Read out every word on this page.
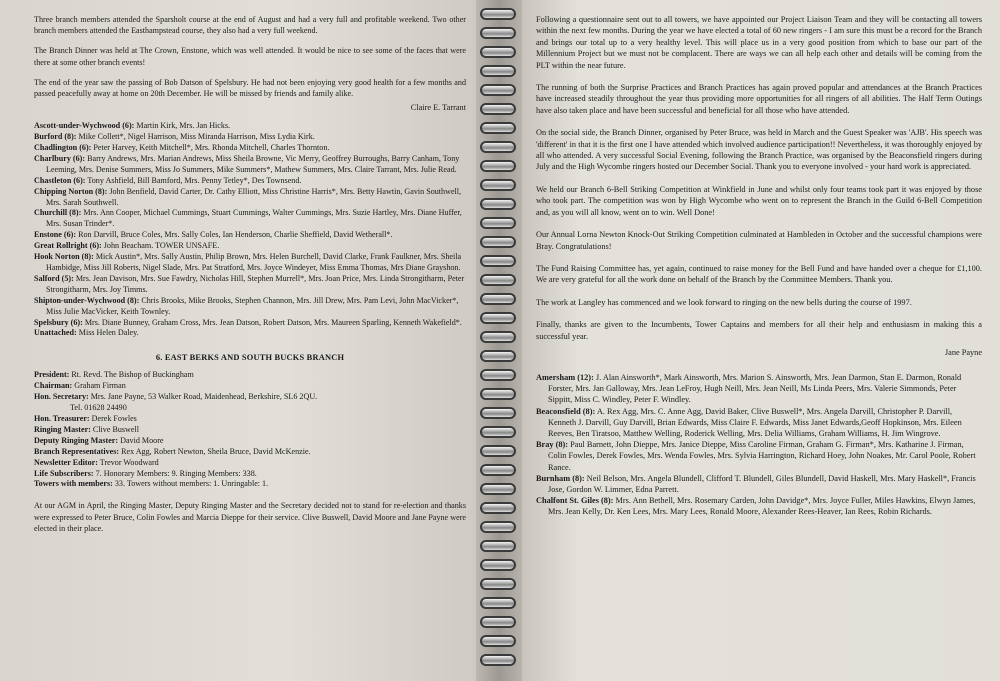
Three branch members attended the Sparsholt course at the end of August and had a very full and profitable weekend. Two other branch members attended the Easthampstead course, they also had a very full weekend.

The Branch Dinner was held at The Crown, Enstone, which was well attended. It would be nice to see some of the faces that were there at some other branch events!

The end of the year saw the passing of Bob Datson of Spelsbury. He had not been enjoying very good health for a few months and passed peacefully away at home on 20th December. He will be missed by friends and family alike.

Claire E. Tarrant
Ascott-under-Wychwood (6): Martin Kirk, Mrs. Jan Hicks.
Burford (8): Mike Collett*, Nigel Harrison, Miss Miranda Harrison, Miss Lydia Kirk.
Chadlington (6): Peter Harvey, Keith Mitchell*, Mrs. Rhonda Mitchell, Charles Thornton.
Charlbury (6): Barry Andrews, Mrs. Marian Andrews, Miss Sheila Browne, Vic Merry, Geoffrey Burroughs, Barry Canham, Tony Leeming, Mrs. Denise Summers, Miss Jo Summers, Mike Summers*, Mathew Summers, Mrs. Claire Tarrant, Mrs. Julie Read.
Chastleton (6): Tony Ashfield, Bill Bamford, Mrs. Penny Tetley*, Des Townsend.
Chipping Norton (8): John Benfield, David Carter, Dr. Cathy Elliott, Miss Christine Harris*, Mrs. Betty Hawtin, Gavin Southwell, Mrs. Sarah Southwell.
Churchill (8): Mrs. Ann Cooper, Michael Cummings, Stuart Cummings, Walter Cummings, Mrs. Suzie Hartley, Mrs. Diane Huffer, Mrs. Susan Trinder*.
Enstone (6): Ron Darvill, Bruce Coles, Mrs. Sally Coles, Ian Henderson, Charlie Sheffield, David Wetherall*.
Great Rollright (6): John Beacham. TOWER UNSAFE.
Hook Norton (8): Mick Austin*, Mrs. Sally Austin, Philip Brown, Mrs. Helen Burchell, David Clarke, Frank Faulkner, Mrs. Sheila Hambidge, Miss Jill Roberts, Nigel Slade, Mrs. Pat Stratford, Mrs. Joyce Windeyer, Miss Emma Thomas, Mrs Diane Grayshon.
Salford (5): Mrs. Jean Davison, Mrs. Sue Fawdry, Nicholas Hill, Stephen Murrell*, Mrs. Joan Price, Mrs. Linda Strongitharm, Peter Strongitharm, Mrs. Joy Timms.
Shipton-under-Wychwood (8): Chris Brooks, Mike Brooks, Stephen Channon, Mrs. Jill Drew, Mrs. Pam Levi, John MacVicker*, Miss Julie MacVicker, Keith Townley.
Spelsbury (6): Mrs. Diane Bunney, Graham Cross, Mrs. Jean Datson, Robert Datson, Mrs. Maureen Sparling, Kenneth Wakefield*.
Unattached: Miss Helen Daley.
6. EAST BERKS AND SOUTH BUCKS BRANCH
President: Rt. Revd. The Bishop of Buckingham
Chairman: Graham Firman
Hon. Secretary: Mrs. Jane Payne, 53 Walker Road, Maidenhead, Berkshire, SL6 2QU.
Tel. 01628 24490
Hon. Treasurer: Derek Fowles
Ringing Master: Clive Buswell
Deputy Ringing Master: David Moore
Branch Representatives: Rex Agg, Robert Newton, Sheila Bruce, David McKenzie.
Newsletter Editor: Trevor Woodward
Life Subscribers: 7. Honorary Members: 9. Ringing Members: 338.
Towers with members: 33. Towers without members: 1. Unringable: 1.

At our AGM in April, the Ringing Master, Deputy Ringing Master and the Secretary decided not to stand for re-election and thanks were expressed to Peter Bruce, Colin Fowles and Marcia Dieppe for their service. Clive Buswell, David Moore and Jane Payne were elected in their place.

Following a questionnaire sent out to all towers, we have appointed our Project Liaison Team and they will be contacting all towers within the next few months. During the year we have elected a total of 60 new ringers - I am sure this must be a record for the Branch and brings our total up to a very healthy level. This will place us in a very good position from which to base our part of the Millennium Project but we must not be complacent. There are ways we can all help each other and details will be coming from the PLT within the near future.

The running of both the Surprise Practices and Branch Practices has again proved popular and attendances at the Branch Practices have increased steadily throughout the year thus providing more opportunities for all ringers of all abilities. The Half Term Outings have also taken place and have been successful and beneficial for all those who have attended.

On the social side, the Branch Dinner, organised by Peter Bruce, was held in March and the Guest Speaker was 'AJB'. His speech was 'different' in that it is the first one I have attended which involved audience participation!! Nevertheless, it was thoroughly enjoyed by all who attended. A very successful Social Evening, following the Branch Practice, was organised by the Beaconsfield ringers during July and the High Wycombe ringers hosted our December Social. Thank you to everyone involved - your hard work is appreciated.

We held our Branch 6-Bell Striking Competition at Winkfield in June and whilst only four teams took part it was enjoyed by those who took part. The competition was won by High Wycombe who went on to represent the Branch in the Guild 6-Bell Competition and, as you will all know, went on to win. Well Done!

Our Annual Lorna Newton Knock-Out Striking Competition culminated at Hambleden in October and the successful champions were Bray. Congratulations!

The Fund Raising Committee has, yet again, continued to raise money for the Bell Fund and have handed over a cheque for £1,100. We are very grateful for all the work done on behalf of the Branch by the Committee Members. Thank you.

The work at Langley has commenced and we look forward to ringing on the new bells during the course of 1997.

Finally, thanks are given to the Incumbents, Tower Captains and members for all their help and enthusiasm in making this a successful year.

Jane Payne
Amersham (12): J. Alan Ainsworth*, Mark Ainsworth, Mrs. Marion S. Ainsworth, Mrs. Jean Darmon, Stan E. Darmon, Ronald Forster, Mrs. Jan Galloway, Mrs. Jean LeFroy, Hugh Neill, Mrs. Jean Neill, Ms Linda Peers, Mrs. Valerie Simmonds, Peter Sippitt, Miss C. Windley, Peter F. Windley.
Beaconsfield (8): A. Rex Agg, Mrs. C. Anne Agg, David Baker, Clive Buswell*, Mrs. Angela Darvill, Christopher P. Darvill, Kenneth J. Darvill, Guy Darvill, Brian Edwards, Miss Claire F. Edwards, Miss Janet Edwards,Geoff Hopkinson, Mrs. Eileen Reeves, Ben Tiratsoo, Matthew Welling, Roderick Welling, Mrs. Delia Williams, Graham Williams, H. Jim Wingrove.
Bray (8): Paul Barnett, John Dieppe, Mrs. Janice Dieppe, Miss Caroline Firman, Graham G. Firman*, Mrs. Katharine J. Firman, Colin Fowles, Derek Fowles, Mrs. Wenda Fowles, Mrs. Sylvia Harrington, Richard Hoey, John Noakes, Mr. Carol Poole, Robert Rance.
Burnham (8): Neil Belson, Mrs. Angela Blundell, Clifford T. Blundell, Giles Blundell, David Haskell, Mrs. Mary Haskell*, Francis Jose, Gordon W. Limmer, Edna Parrett.
Chalfont St. Giles (8): Mrs. Ann Bethell, Mrs. Rosemary Carden, John Davidge*, Mrs. Joyce Fuller, Miles Hawkins, Elwyn James, Mrs. Jean Kelly, Dr. Ken Lees, Mrs. Mary Lees, Ronald Moore, Alexander Rees-Heaver, Ian Rees, Robin Richards.
